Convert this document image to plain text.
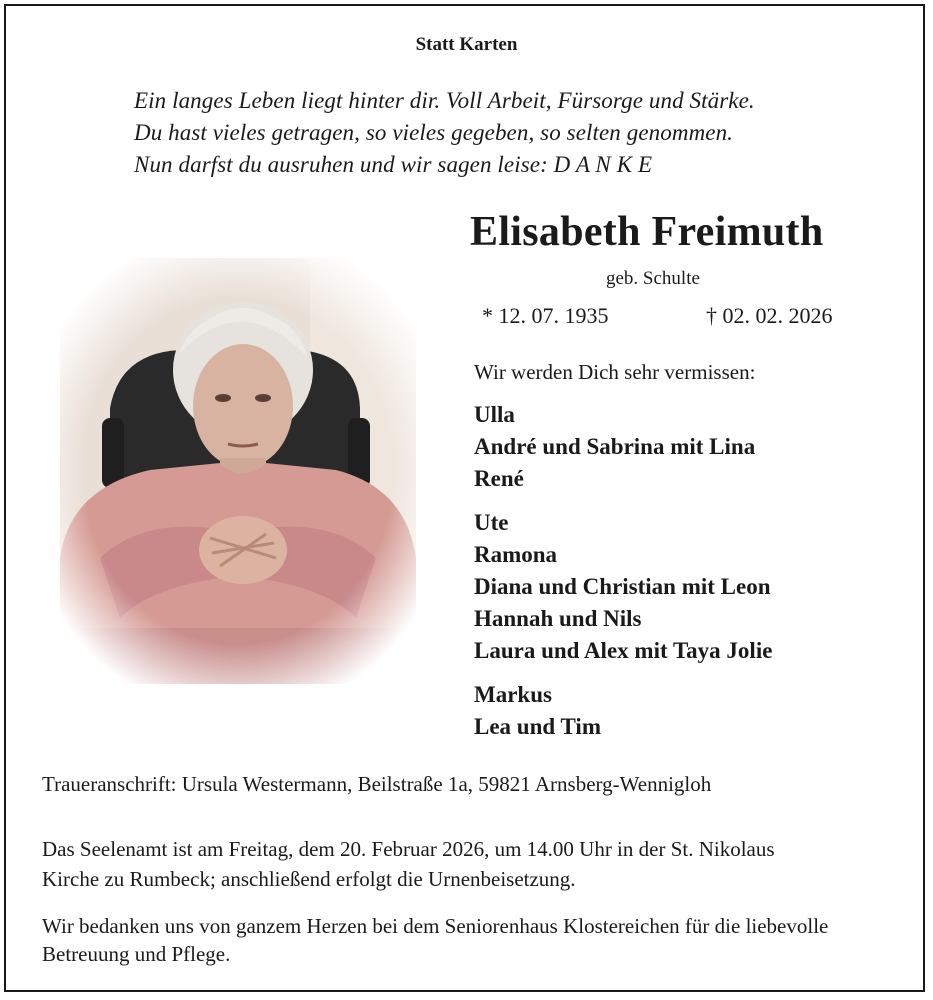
Statt Karten
Ein langes Leben liegt hinter dir. Voll Arbeit, Fürsorge und Stärke.
Du hast vieles getragen, so vieles gegeben, so selten genommen.
Nun darfst du ausruhen und wir sagen leise: D A N K E
Elisabeth Freimuth
geb. Schulte
* 12. 07. 1935	† 02. 02. 2026
Wir werden Dich sehr vermissen:
Ulla
André und Sabrina mit Lina
René
Ute
Ramona
Diana und Christian mit Leon
Hannah und Nils
Laura und Alex mit Taya Jolie
Markus
Lea und Tim
Traueranschrift: Ursula Westermann, Beilstraße 1a, 59821 Arnsberg-Wennigloh
Das Seelenamt ist am Freitag, dem 20. Februar 2026, um 14.00 Uhr in der St. Nikolaus
Kirche zu Rumbeck; anschließend erfolgt die Urnenbeisetzung.
Wir bedanken uns von ganzem Herzen bei dem Seniorenhaus Klostereichen für die liebevolle
Betreuung und Pflege.
